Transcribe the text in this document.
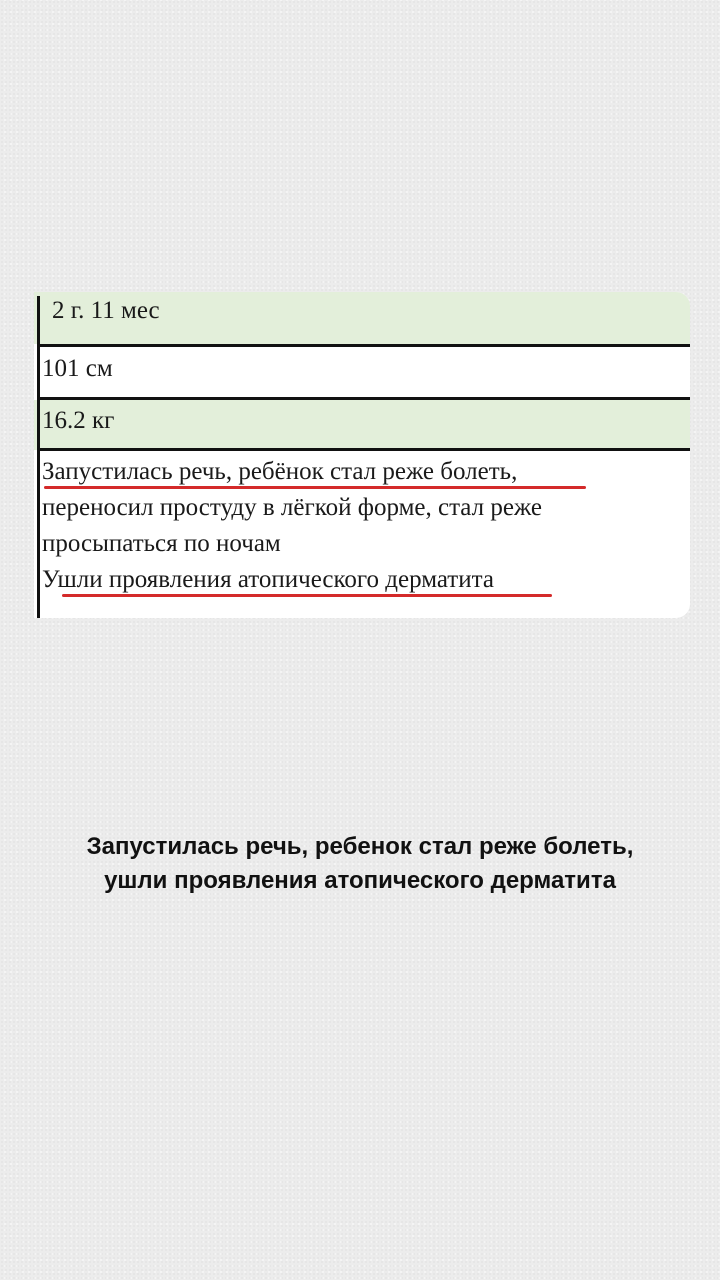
2 г. 11 мес
101 см
16.2 кг
Запустилась речь, ребёнок стал реже болеть,
переносил простуду в лёгкой форме, стал реже
просыпаться по ночам
Ушли проявления атопического дерматита
Запустилась речь, ребенок стал реже болеть,
ушли проявления атопического дерматита
